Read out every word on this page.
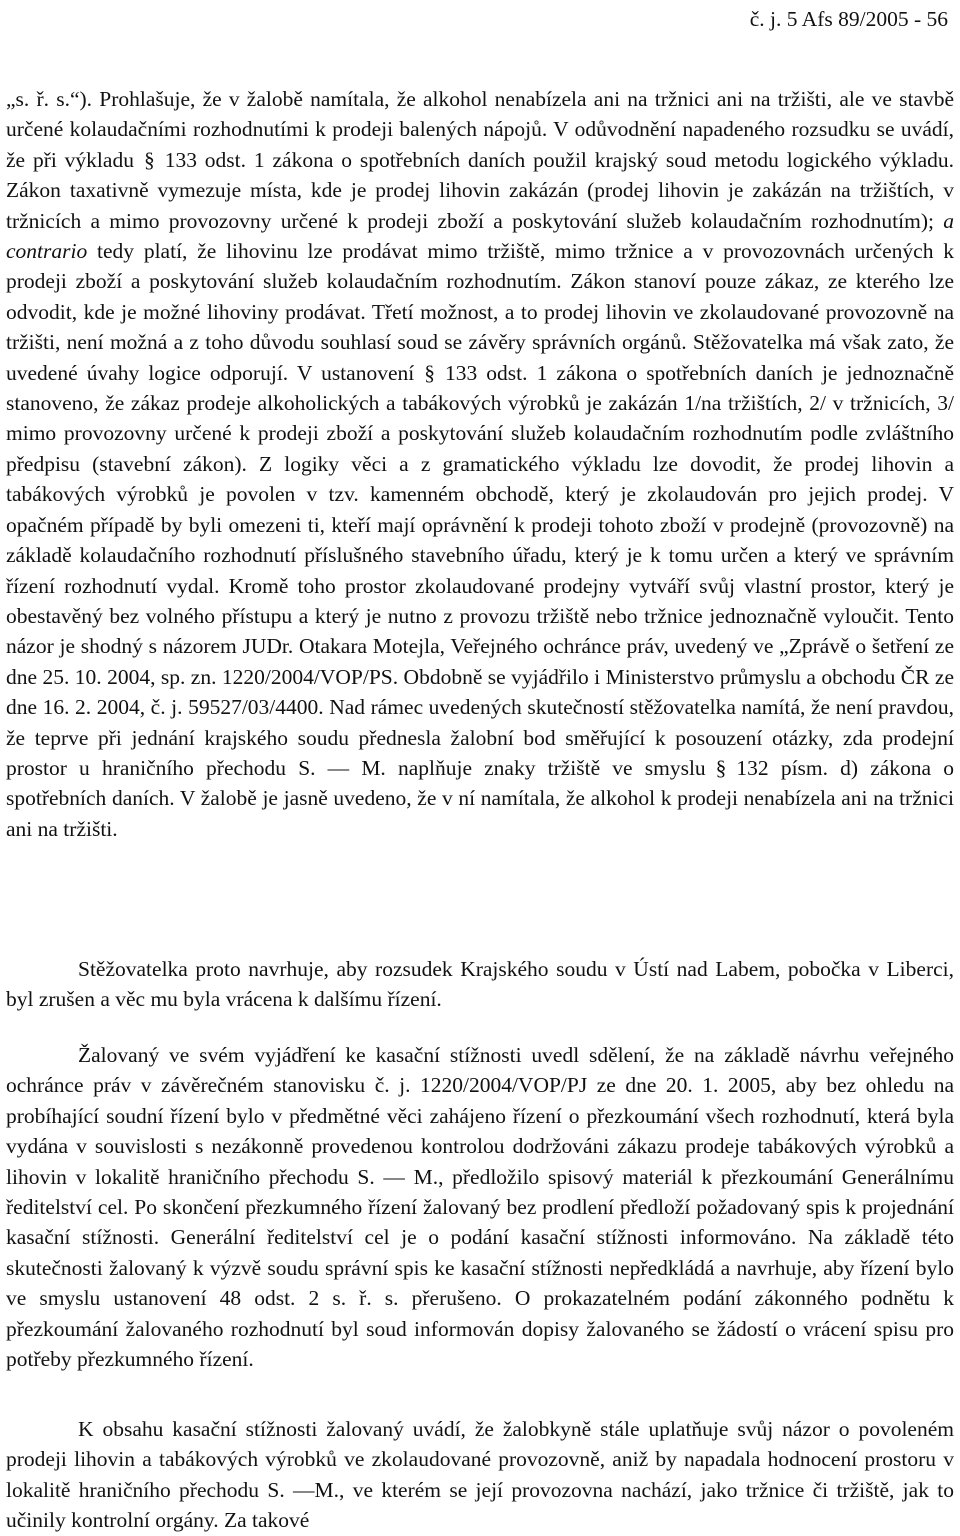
č. j. 5 Afs 89/2005 - 56

„s. ř. s.“). Prohlašuje, že v žalobě namítala, že alkohol nenabízela ani na tržnici ani na tržišti, ale ve stavbě určené kolaudačními rozhodnutími k prodeji balených nápojů. V odůvodnění napadeného rozsudku se uvádí, že při výkladu § 133 odst. 1 zákona o spotřebních daních použil krajský soud metodu logického výkladu. Zákon taxativně vymezuje místa, kde je prodej lihovin zakázán (prodej lihovin je zakázán na tržištích, v tržnicích a mimo provozovny určené k prodeji zboží a poskytování služeb kolaudačním rozhodnutím); a contrario tedy platí, že lihovinu lze prodávat mimo tržiště, mimo tržnice a v provozovnách určených k prodeji zboží a poskytování služeb kolaudačním rozhodnutím. Zákon stanoví pouze zákaz, ze kterého lze odvodit, kde je možné lihoviny prodávat. Třetí možnost, a to prodej lihovin ve zkolaudované provozovně na tržišti, není možná a z toho důvodu souhlasí soud se závěry správních orgánů. Stěžovatelka má však zato, že uvedené úvahy logice odporují. V ustanovení § 133 odst. 1 zákona o spotřebních daních je jednoznačně stanoveno, že zákaz prodeje alkoholických a tabákových výrobků je zakázán 1/na tržištích, 2/ v tržnicích, 3/ mimo provozovny určené k prodeji zboží a poskytování služeb kolaudačním rozhodnutím podle zvláštního předpisu (stavební zákon). Z logiky věci a z gramatického výkladu lze dovodit, že prodej lihovin a tabákových výrobků je povolen v tzv. kamenném obchodě, který je zkolaudován pro jejich prodej. V opačném případě by byli omezeni ti, kteří mají oprávnění k prodeji tohoto zboží v prodejně (provozovně) na základě kolaudačního rozhodnutí příslušného stavebního úřadu, který je k tomu určen a který ve správním řízení rozhodnutí vydal. Kromě toho prostor zkolaudované prodejny vytváří svůj vlastní prostor, který je obestavěný bez volného přístupu a který je nutno z provozu tržiště nebo tržnice jednoznačně vyloučit. Tento názor je shodný s názorem JUDr. Otakara Motejla, Veřejného ochránce práv, uvedený ve „Zprávě o šetření ze dne 25. 10. 2004, sp. zn. 1220/2004/VOP/PS. Obdobně se vyjádřilo i Ministerstvo průmyslu a obchodu ČR ze dne 16. 2. 2004, č. j. 59527/03/4400. Nad rámec uvedených skutečností stěžovatelka namítá, že není pravdou, že teprve při jednání krajského soudu přednesla žalobní bod směřující k posouzení otázky, zda prodejní prostor u hraničního přechodu S. — M. naplňuje znaky tržiště ve smyslu § 132 písm. d) zákona o spotřebních daních. V žalobě je jasně uvedeno, že v ní namítala, že alkohol k prodeji nenabízela ani na tržnici ani na tržišti.

Stěžovatelka proto navrhuje, aby rozsudek Krajského soudu v Ústí nad Labem, pobočka v Liberci, byl zrušen a věc mu byla vrácena k dalšímu řízení.

Žalovaný ve svém vyjádření ke kasační stížnosti uvedl sdělení, že na základě návrhu veřejného ochránce práv v závěrečném stanovisku č. j. 1220/2004/VOP/PJ ze dne 20. 1. 2005, aby bez ohledu na probíhající soudní řízení bylo v předmětné věci zahájeno řízení o přezkoumání všech rozhodnutí, která byla vydána v souvislosti s nezákonně provedenou kontrolou dodržováni zákazu prodeje tabákových výrobků a lihovin v lokalitě hraničního přechodu S. — M., předložilo spisový materiál k přezkoumání Generálnímu ředitelství cel. Po skončení přezkumného řízení žalovaný bez prodlení předloží požadovaný spis k projednání kasační stížnosti. Generální ředitelství cel je o podání kasační stížnosti informováno. Na základě této skutečnosti žalovaný k výzvě soudu správní spis ke kasační stížnosti nepředkládá a navrhuje, aby řízení bylo ve smyslu ustanovení 48 odst. 2 s. ř. s. přerušeno. O prokazatelném podání zákonného podnětu k přezkoumání žalovaného rozhodnutí byl soud informován dopisy žalovaného se žádostí o vrácení spisu pro potřeby přezkumného řízení.

K obsahu kasační stížnosti žalovaný uvádí, že žalobkyně stále uplatňuje svůj názor o povoleném prodeji lihovin a tabákových výrobků ve zkolaudované provozovně, aniž by napadala hodnocení prostoru v lokalitě hraničního přechodu S. —M., ve kterém se její provozovna nachází, jako tržnice či tržiště, jak to učinily kontrolní orgány. Za takové
